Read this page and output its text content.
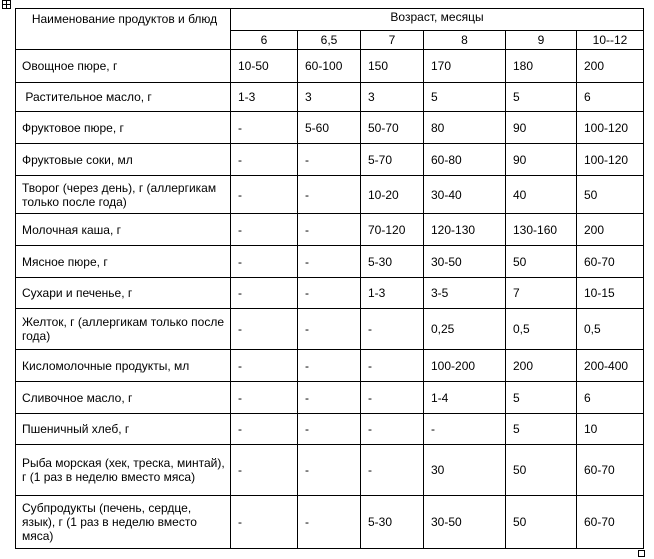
Наименование продуктов и блюд	Возраст, месяцы					
	6	6,5	7	8	9	10--12
Овощное пюре, г	10-50	60-100	150	170	180	200
Растительное масло, г	1-3	3	3	5	5	6
Фруктовое пюре, г	-	5-60	50-70	80	90	100-120
Фруктовые соки, мл	-	-	5-70	60-80	90	100-120
Творог (через день), г (аллергикам только после года)	-	-	10-20	30-40	40	50
Молочная каша, г	-	-	70-120	120-130	130-160	200
Мясное пюре, г	-	-	5-30	30-50	50	60-70
Сухари и печенье, г	-	-	1-3	3-5	7	10-15
Желток, г (аллергикам только после года)	-	-	-	0,25	0,5	0,5
Кисломолочные продукты, мл	-	-	-	100-200	200	200-400
Сливочное масло, г	-	-	-	1-4	5	6
Пшеничный хлеб, г	-	-	-	-	5	10
Рыба морская (хек, треска, минтай), г (1 раз в неделю вместо мяса)	-	-	-	30	50	60-70
Субпродукты (печень, сердце, язык), г (1 раз в неделю вместо мяса)	-	-	5-30	30-50	50	60-70
